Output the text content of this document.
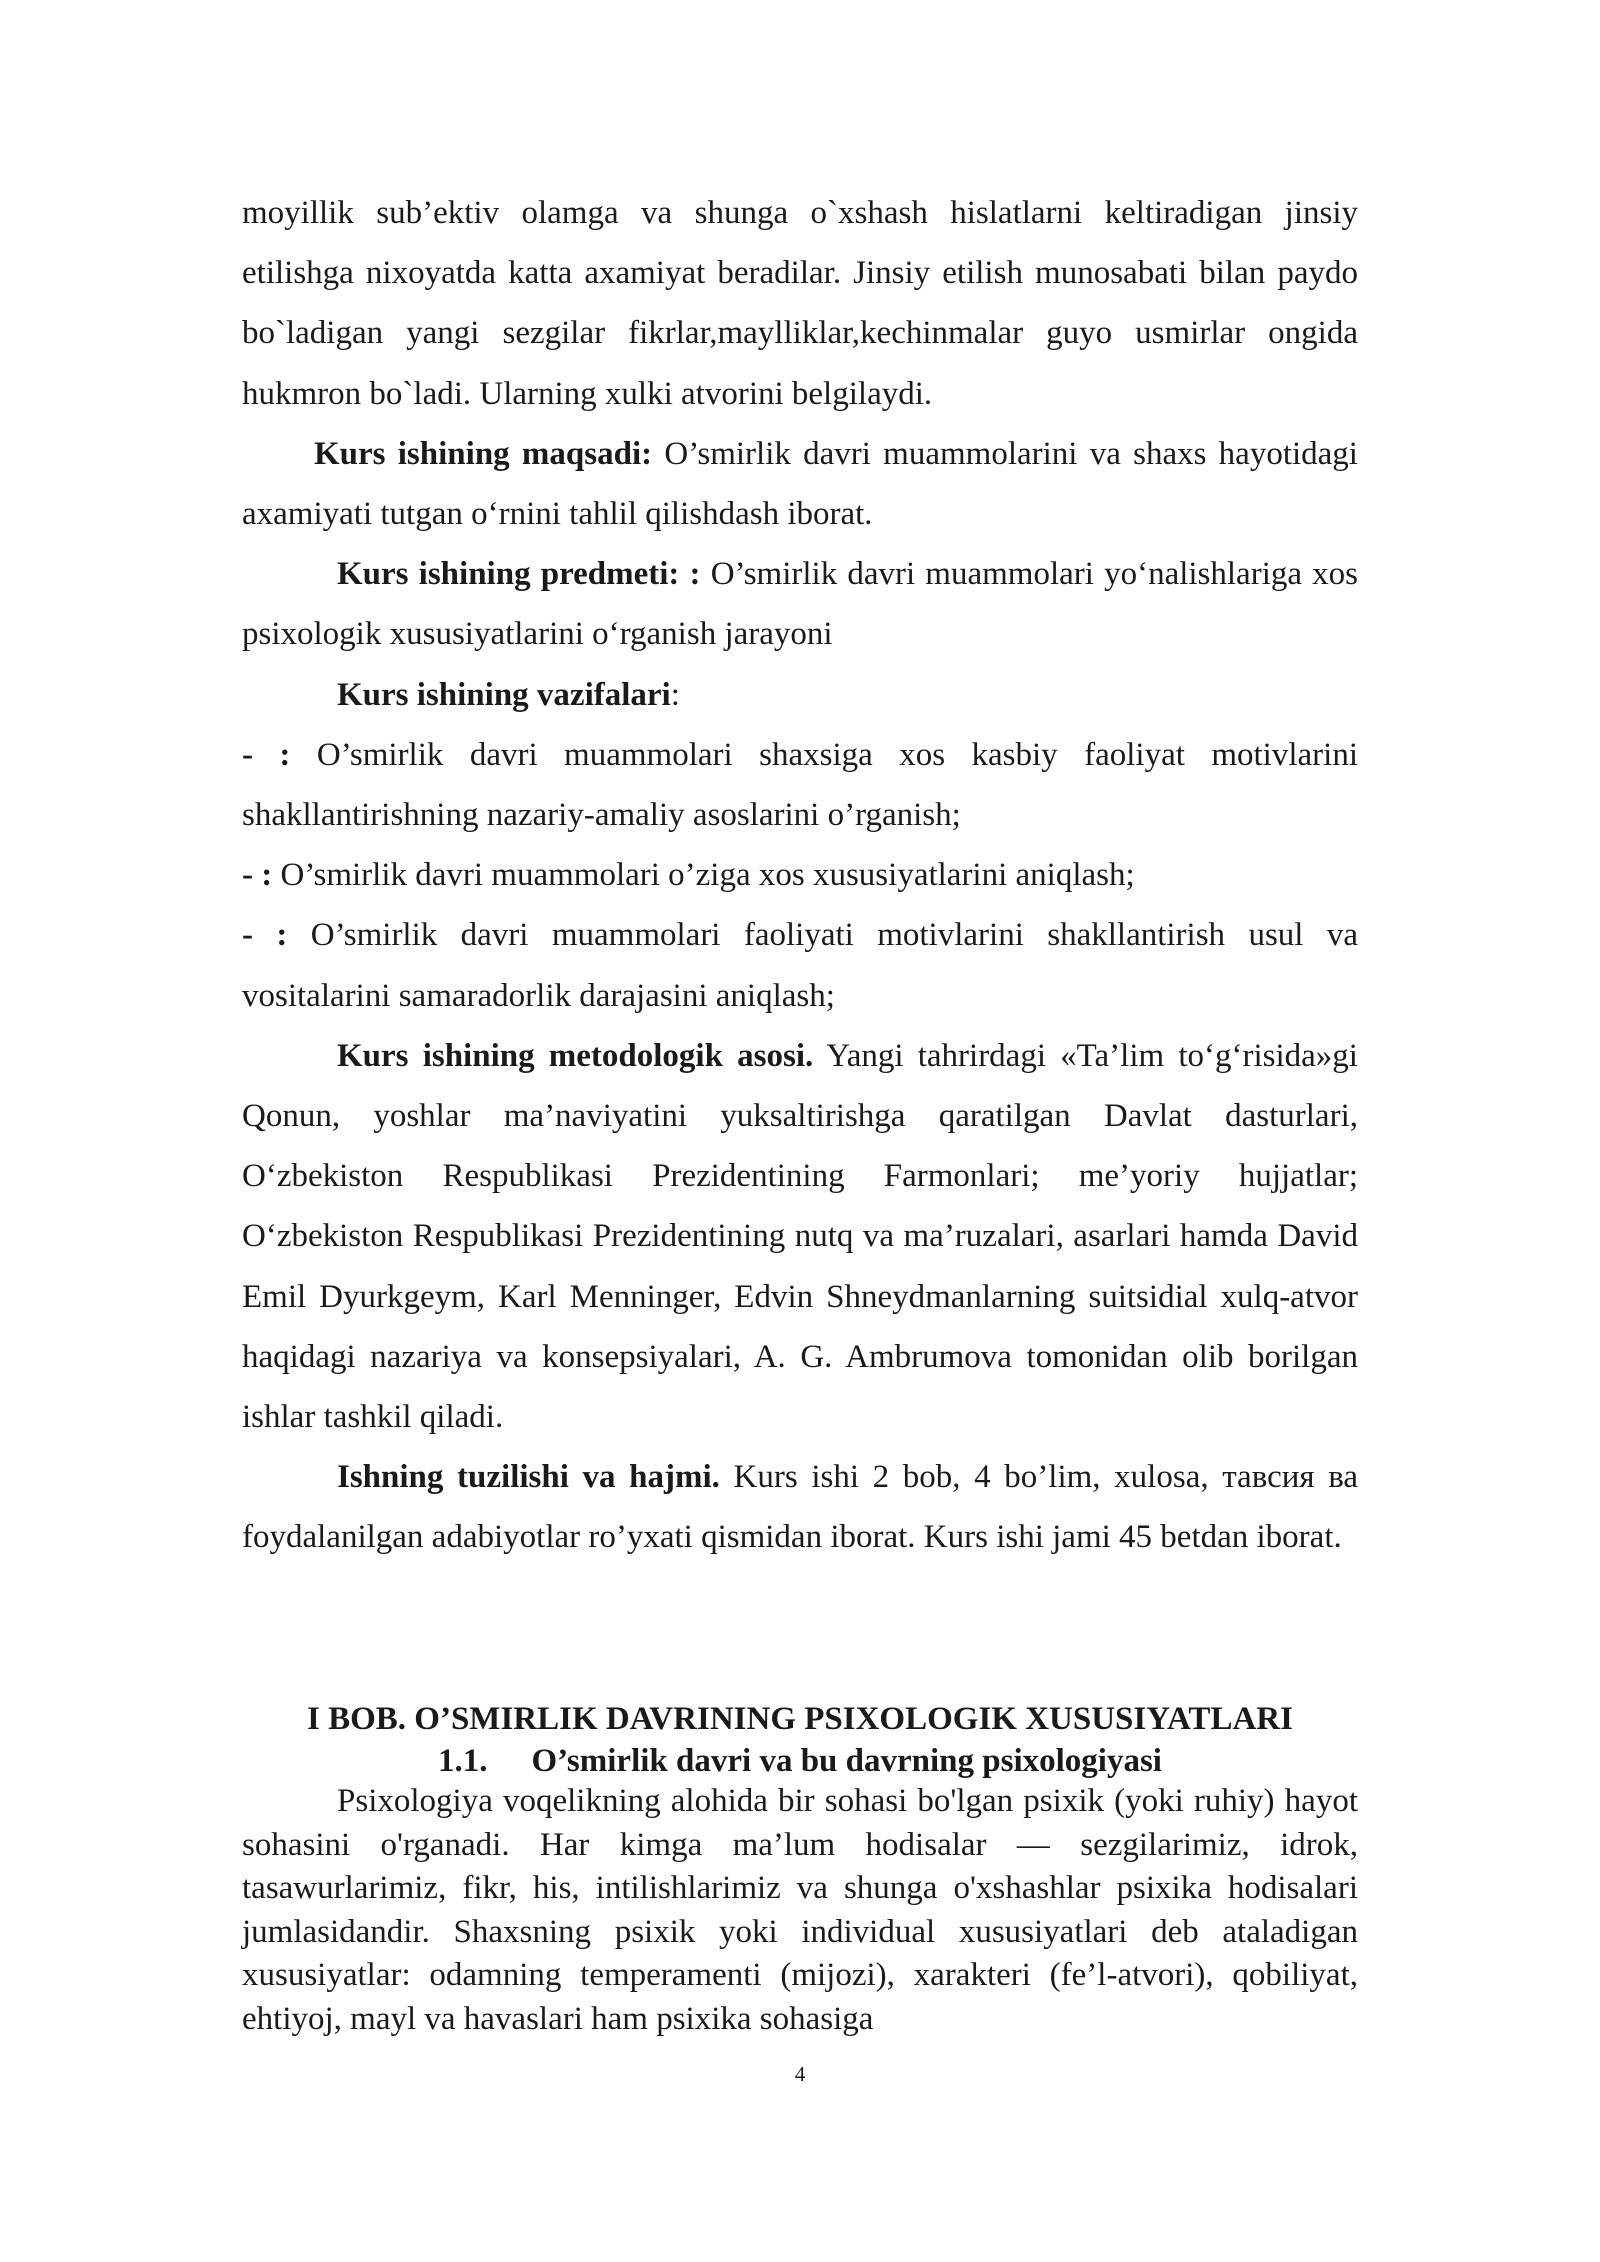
moyillik sub’ektiv olamga va shunga o`xshash hislatlarni keltiradigan jinsiy etilishga nixoyatda katta axamiyat beradilar. Jinsiy etilish munosabati bilan paydo bo`ladigan yangi sezgilar fikrlar,maylliklar,kechinmalar guyo usmirlar ongida hukmron bo`ladi. Ularning xulki atvorini belgilaydi.

Kurs ishining maqsadi: O’smirlik davri muammolarini va shaxs hayotidagi axamiyati tutgan o‘rnini tahlil qilishdash iborat.

Kurs ishining predmeti: : O’smirlik davri muammolari yo‘nalishlariga xos psixologik xususiyatlarini o‘rganish jarayoni

Kurs ishining vazifalari:

- : O’smirlik davri muammolari shaxsiga xos kasbiy faoliyat motivlarini shakllantirishning nazariy-amaliy asoslarini o’rganish;

- : O’smirlik davri muammolari o’ziga xos xususiyatlarini aniqlash;

- : O’smirlik davri muammolari faoliyati motivlarini shakllantirish usul va vositalarini samaradorlik darajasini aniqlash;

Kurs ishining metodologik asosi. Yangi tahrirdagi «Ta’lim to‘g‘risida»gi Qonun, yoshlar ma’naviyatini yuksaltirishga qaratilgan Davlat dasturlari, O‘zbekiston Respublikasi Prezidentining Farmonlari; me’yoriy hujjatlar; O‘zbekiston Respublikasi Prezidentining nutq va ma’ruzalari, asarlari hamda David Emil Dyurkgeym, Karl Menninger, Edvin Shneydmanlarning suitsidial xulq-atvor haqidagi nazariya va konsepsiyalari, A. G. Ambrumova tomonidan olib borilgan ishlar tashkil qiladi.

Ishning tuzilishi va hajmi. Kurs ishi 2 bob, 4 bo’lim, xulosa, тавсия ва foydalanilgan adabiyotlar ro’yxati qismidan iborat. Kurs ishi jami 45 betdan iborat.

I BOB. O’SMIRLIK DAVRINING PSIXOLOGIK XUSUSIYATLARI
1.1. O’smirlik davri va bu davrning psixologiyasi

Psixologiya voqelikning alohida bir sohasi bo'lgan psixik (yoki ruhiy) hayot sohasini o'rganadi. Har kimga ma’lum hodisalar — sezgilarimiz, idrok, tasawurlarimiz, fikr, his, intilishlarimiz va shunga o'xshashlar psixika hodisalari jumlasidandir. Shaxsning psixik yoki individual xususiyatlari deb ataladigan xususiyatlar: odamning temperamenti (mijozi), xarakteri (fe’l-atvori), qobiliyat, ehtiyoj, mayl va havaslari ham psixika sohasiga

4
